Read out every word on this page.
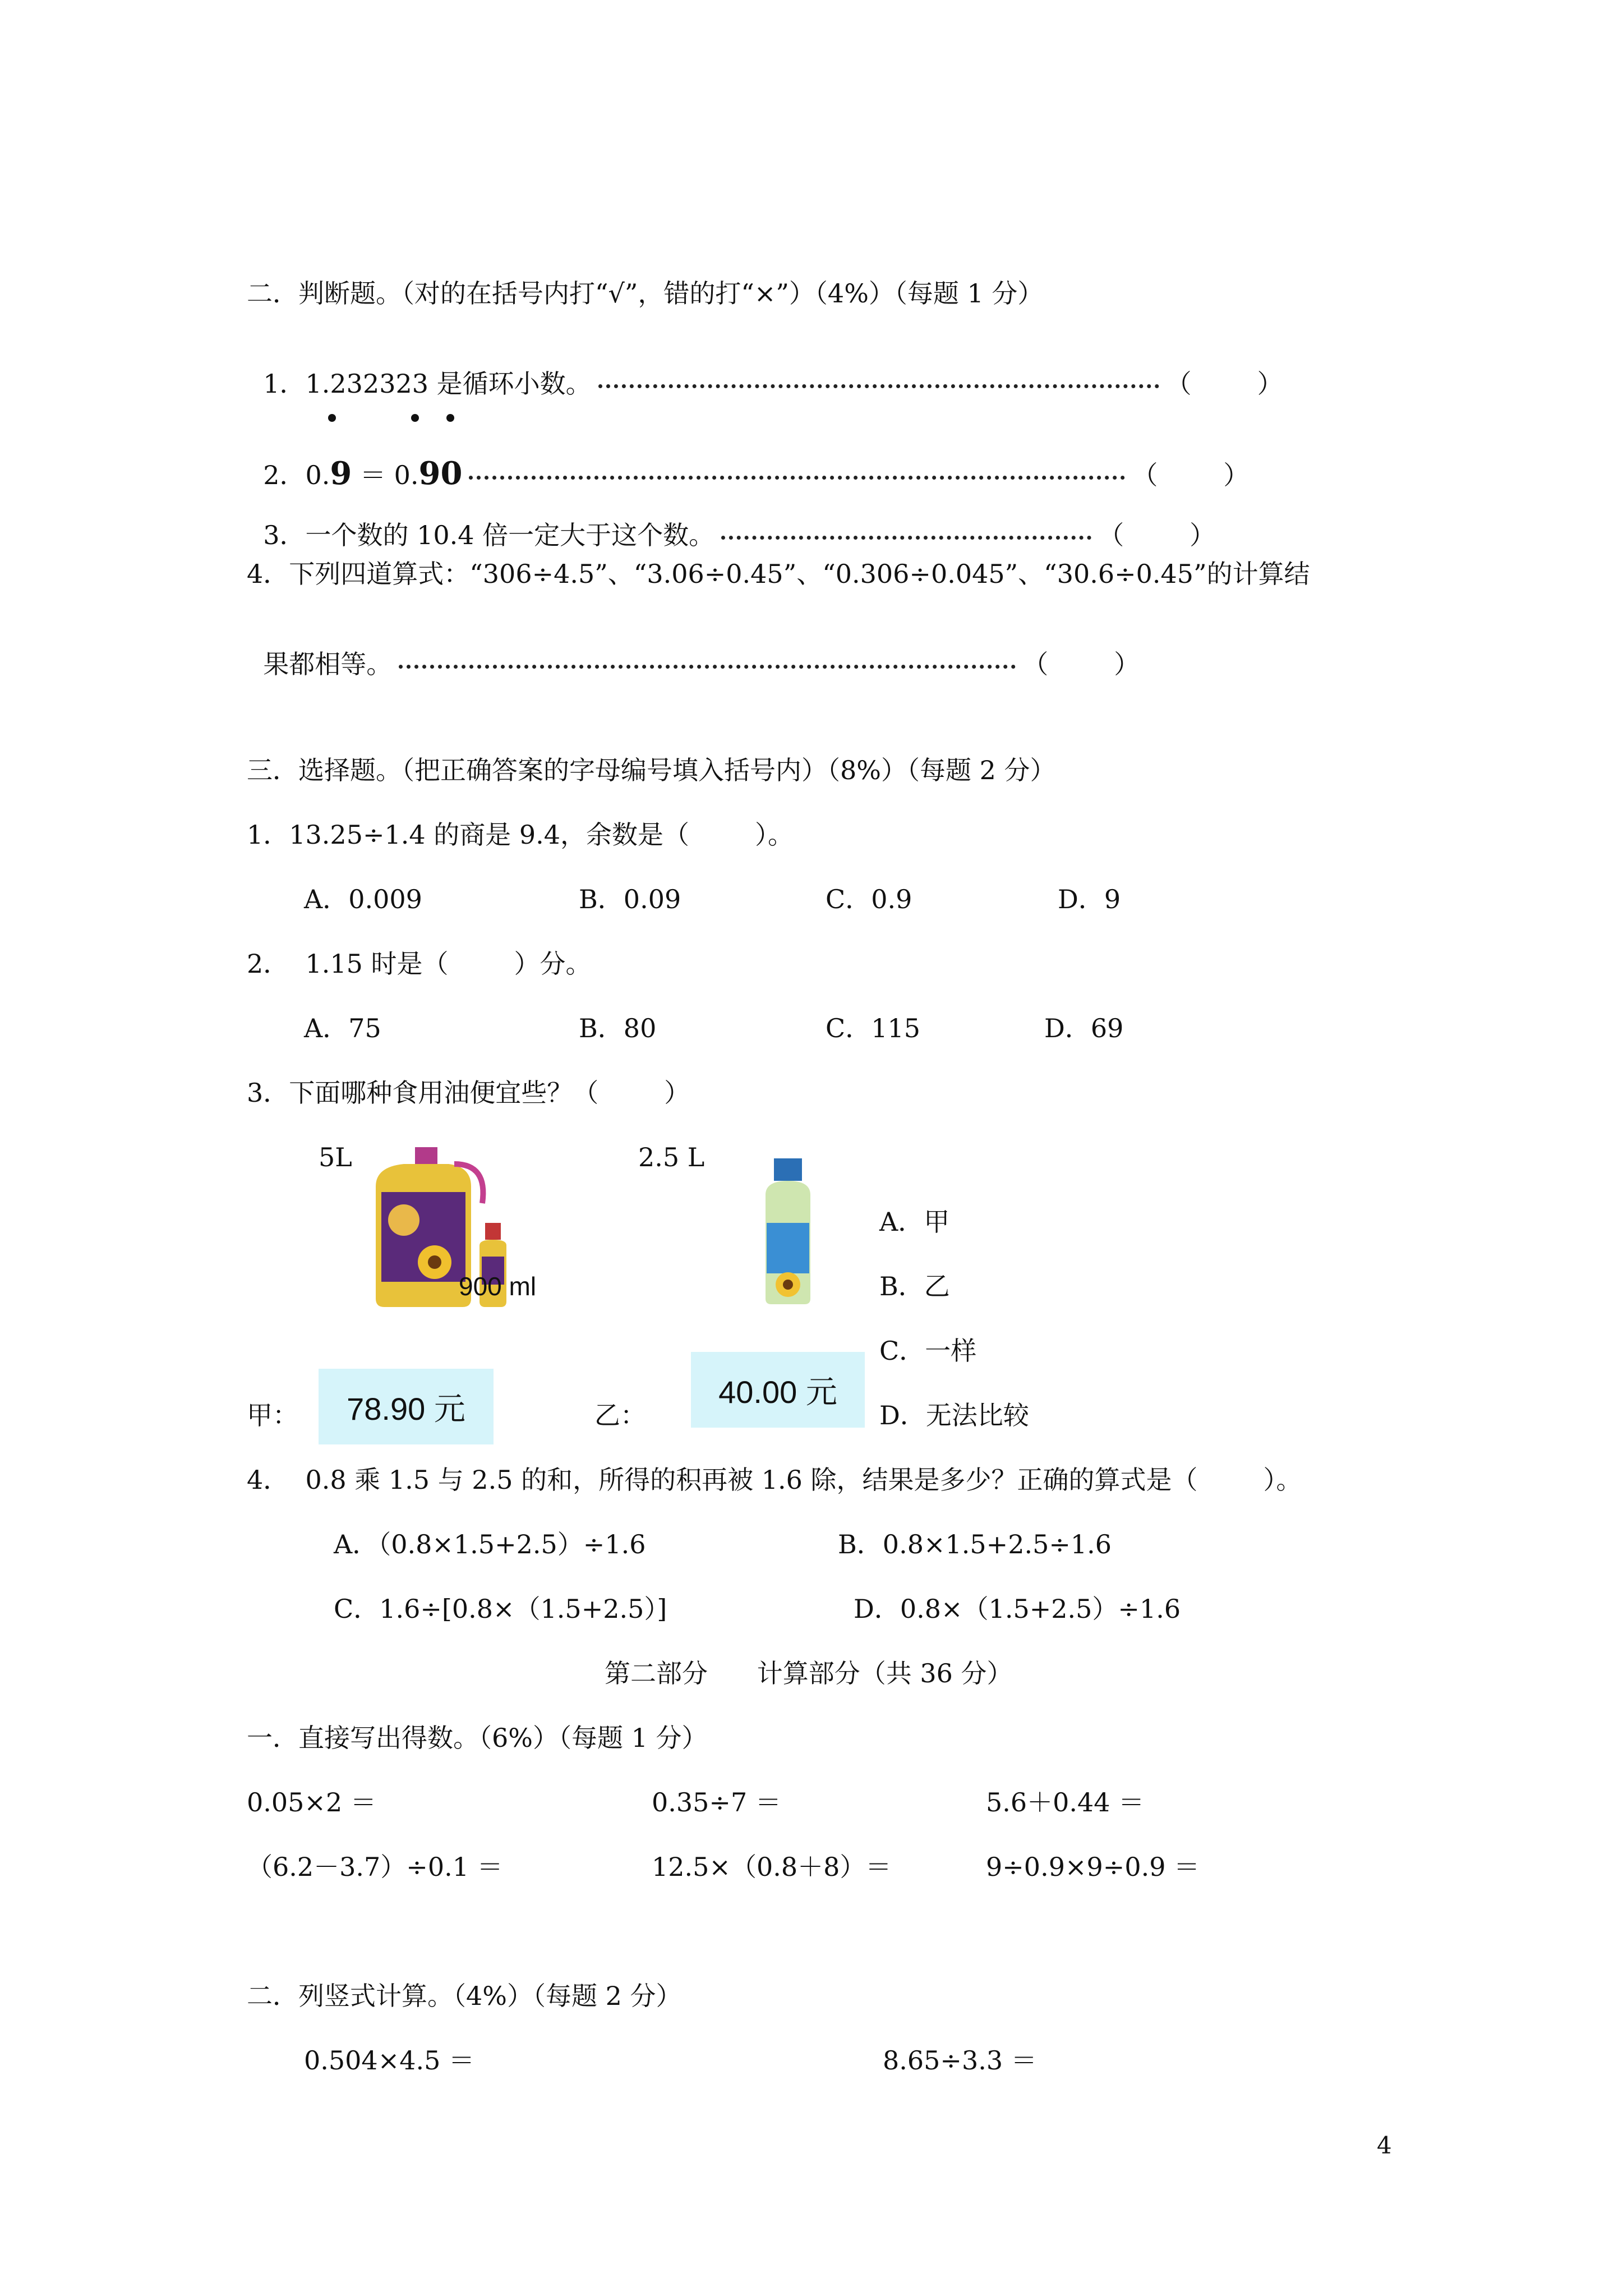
二．判断题。（对的在括号内打“√”，错的打“×”）（4%）（每题 1 分）

1．1.232323 是循环小数。	（        ）

2．0.9 ＝ 0.90	（        ）

3．一个数的 10.4 倍一定大于这个数。	（        ）

4．下列四道算式：“306÷4.5”、“3.06÷0.45”、“0.306÷0.045”、“30.6÷0.45”的计算结

果都相等。	（        ）

三．选择题。（把正确答案的字母编号填入括号内）（8%）（每题 2 分）
1．13.25÷1.4 的商是 9.4，余数是（        ）。
A．0.009	B．0.09	C．0.9	D．9
2．  1.15 时是（        ）分。
A．75	B．80	C．115	D．69
3．下面哪种食用油便宜些？（        ）
5L	2.5 L
900 ml
A．甲
B．乙
C．一样
D．无法比较
甲：	78.90 元	乙：
40.00 元
4．  0.8 乘 1.5 与 2.5 的和，所得的积再被 1.6 除，结果是多少？正确的算式是（        ）。
A．（0.8×1.5+2.5）÷1.6	B．0.8×1.5+2.5÷1.6
C．1.6÷[0.8×（1.5+2.5）]	D．0.8×（1.5+2.5）÷1.6
第二部分      计算部分（共 36 分）
一．直接写出得数。（6%）（每题 1 分）
0.05×2 ＝	0.35÷7 ＝	5.6＋0.44 ＝
（6.2－3.7）÷0.1 ＝	12.5×（0.8＋8）＝	9÷0.9×9÷0.9 ＝
二．列竖式计算。（4%）（每题 2 分）
0.504×4.5 ＝	8.65÷3.3 ＝
4
